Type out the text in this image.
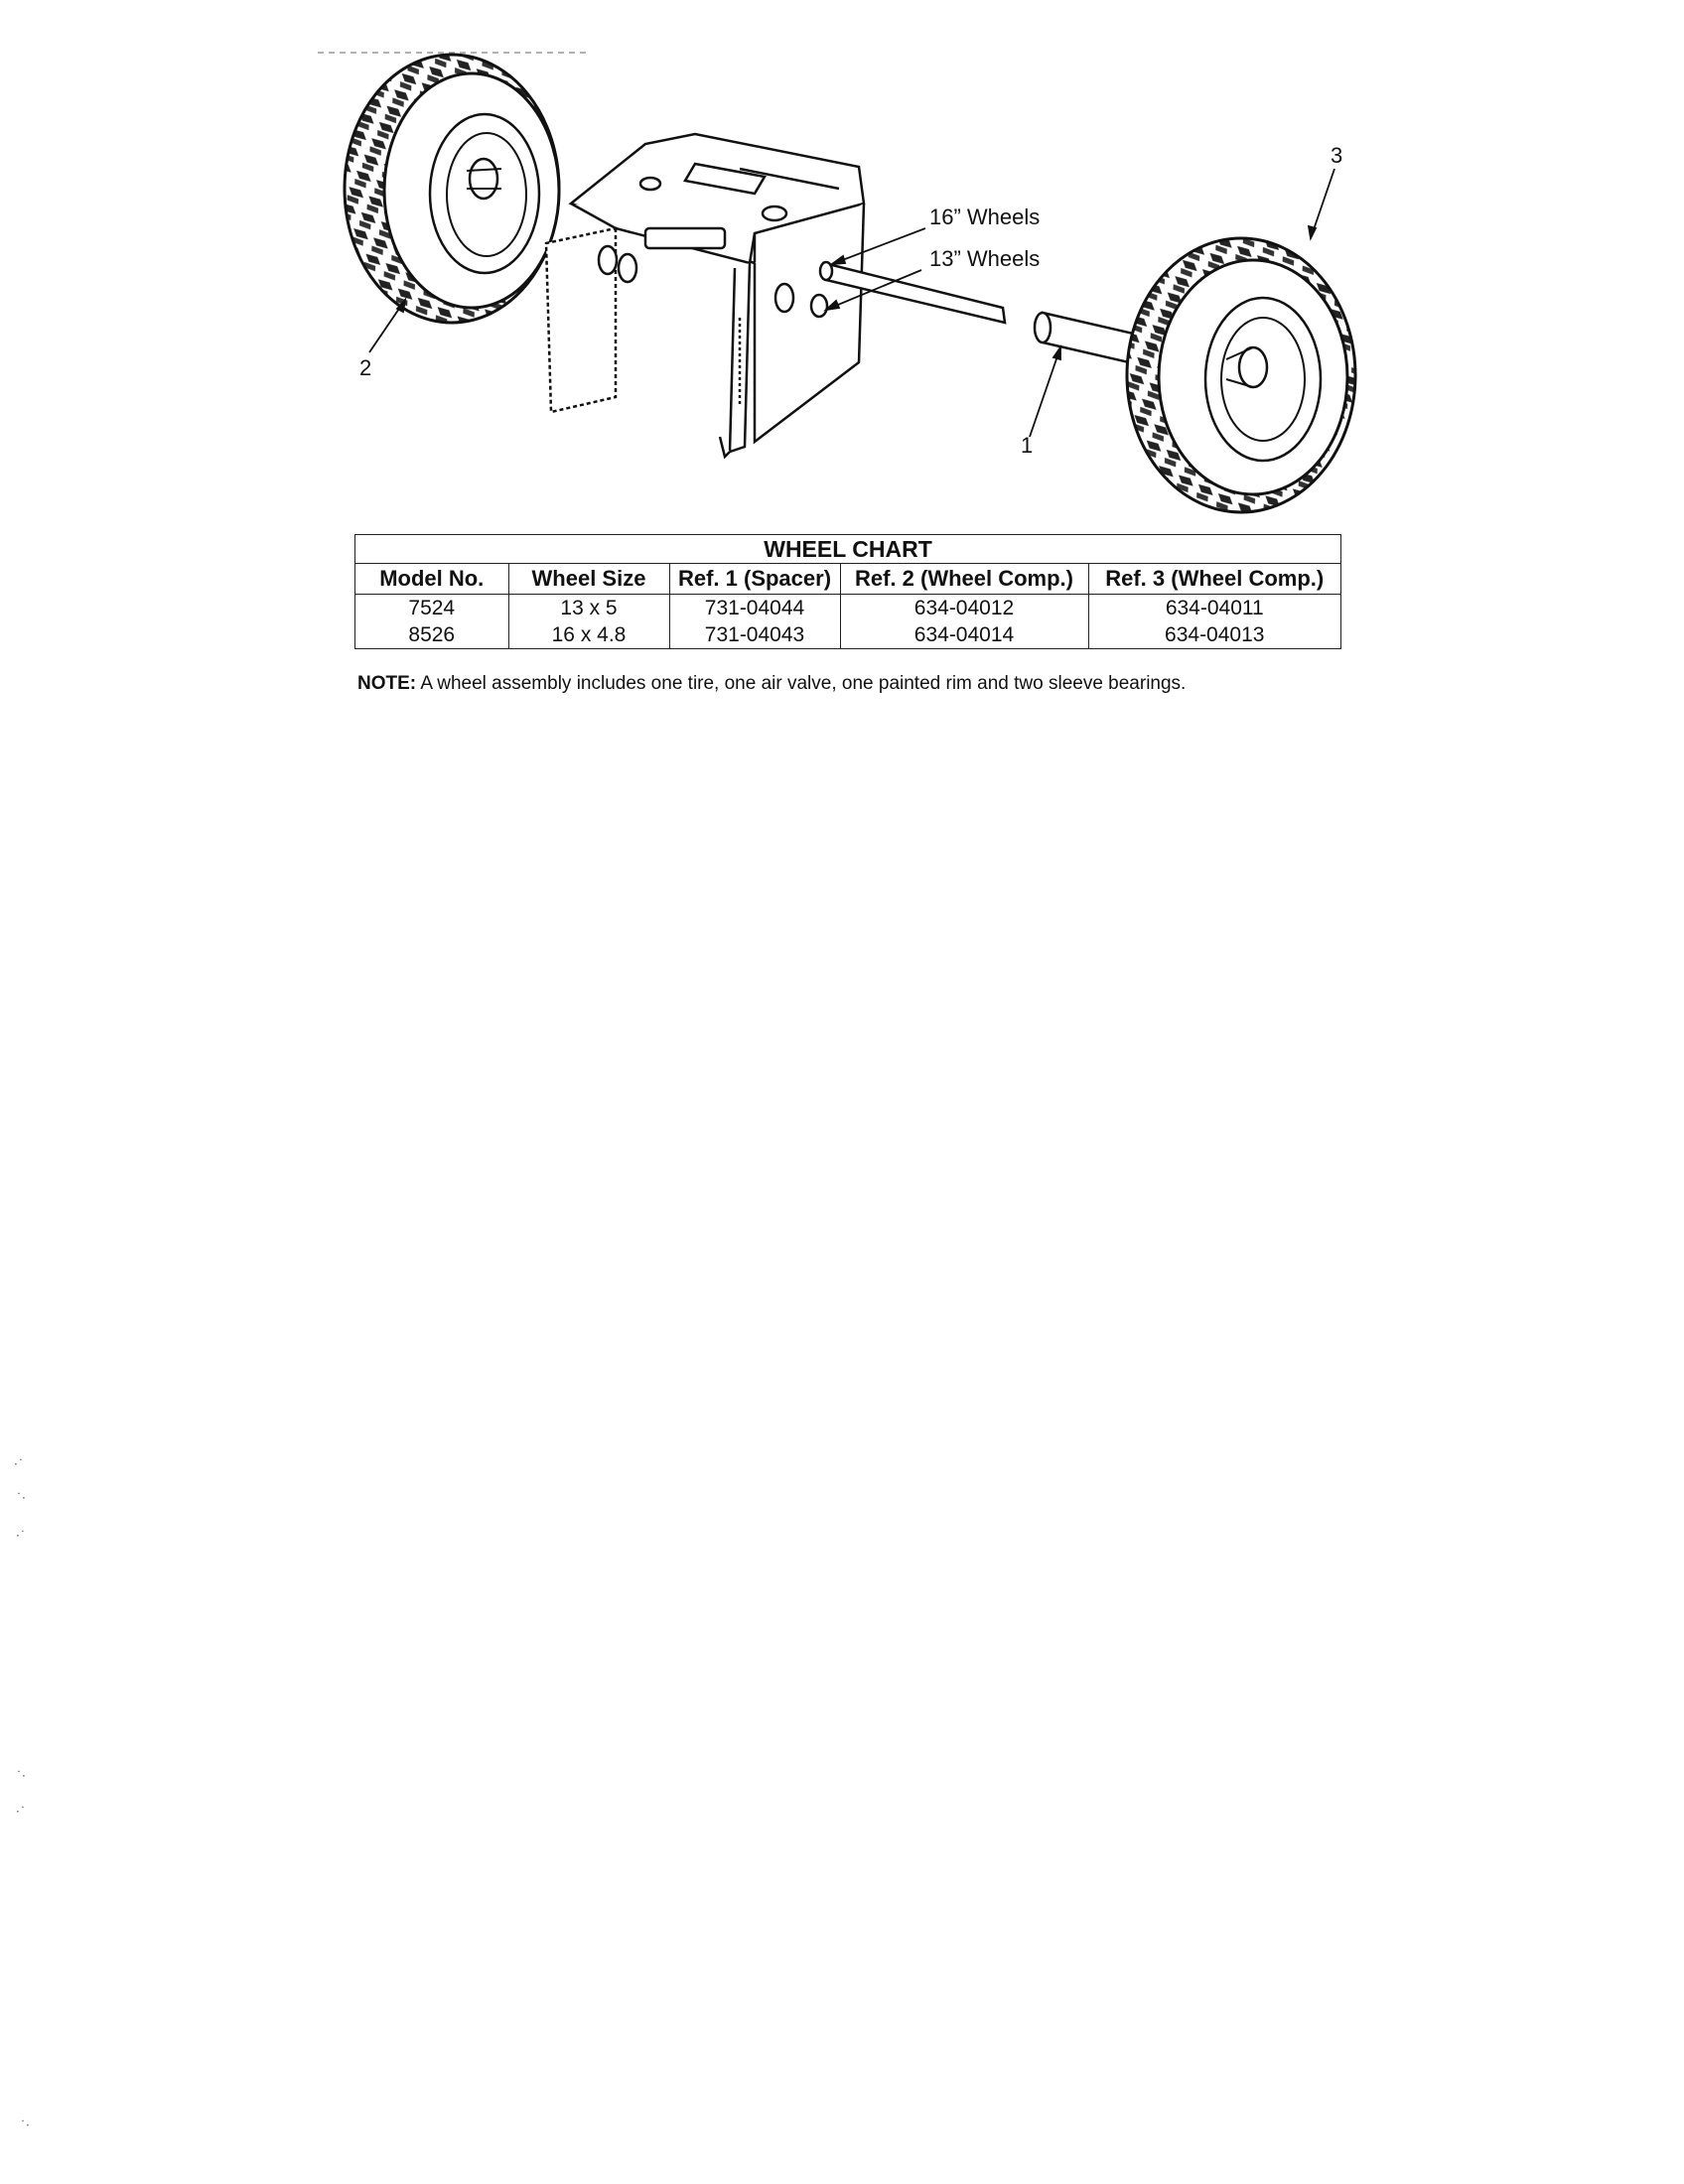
1
2
3
16” Wheels
13” Wheels
WHEEL CHART				
Model No.	Wheel Size	Ref. 1 (Spacer)	Ref. 2 (Wheel Comp.)	Ref. 3 (Wheel Comp.)
7524	13 x 5	731-04044	634-04012	634-04011
8526	16 x 4.8	731-04043	634-04014	634-04013
NOTE: A wheel assembly includes one tire, one air valve, one painted rim and two sleeve bearings.
·˙
˙·
·˙
˙·
·˙
˙·
